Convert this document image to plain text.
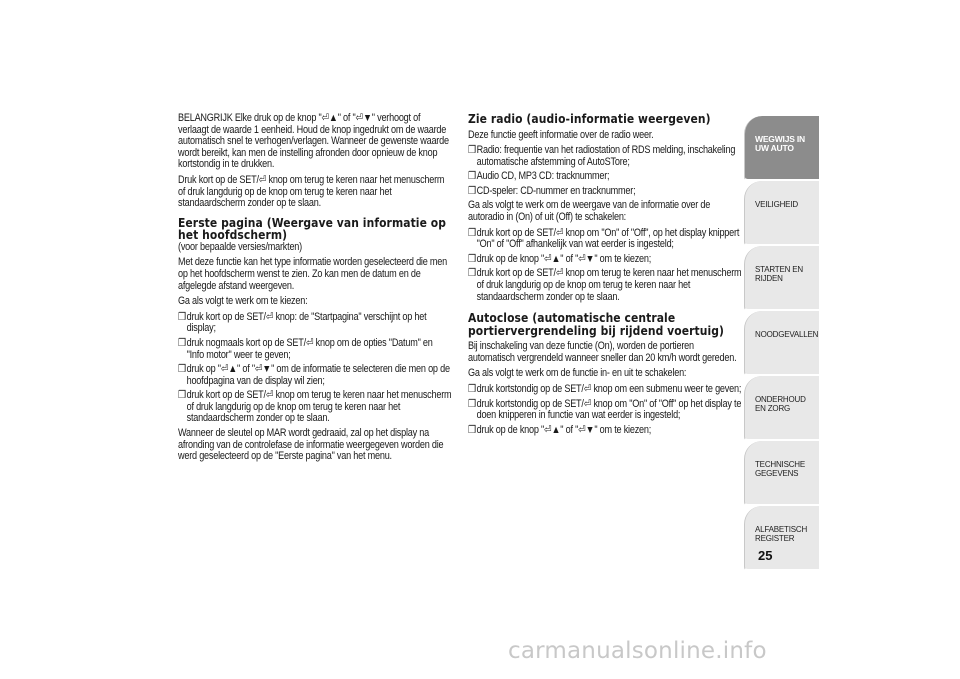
BELANGRIJK Elke druk op de knop "⏎▲" of "⏎▼" verhoogt of verlaagt de waarde 1 eenheid. Houd de knop ingedrukt om de waarde automatisch snel te verhogen/verlagen. Wanneer de gewenste waarde wordt bereikt, kan men de instelling afronden door opnieuw de knop kortstondig in te drukken.

Druk kort op de SET/⏎ knop om terug te keren naar het menuscherm of druk langdurig op de knop om terug te keren naar het standaardscherm zonder op te slaan.

Eerste pagina (Weergave van informatie op het hoofdscherm)

(voor bepaalde versies/markten)

Met deze functie kan het type informatie worden geselecteerd die men op het hoofdscherm wenst te zien. Zo kan men de datum en de afgelegde afstand weergeven.

Ga als volgt te werk om te kiezen:

❒druk kort op de SET/⏎ knop: de "Startpagina" verschijnt op het display;
❒druk nogmaals kort op de SET/⏎ knop om de opties "Datum" en "Info motor" weer te geven;
❒druk op "⏎▲" of "⏎▼" om de informatie te selecteren die men op de hoofdpagina van de display wil zien;
❒druk kort op de SET/⏎ knop om terug te keren naar het menuscherm of druk langdurig op de knop om terug te keren naar het standaardscherm zonder op te slaan.

Wanneer de sleutel op MAR wordt gedraaid, zal op het display na afronding van de controlefase de informatie weergegeven worden die werd geselecteerd op de "Eerste pagina" van het menu.

Zie radio (audio-informatie weergeven)

Deze functie geeft informatie over de radio weer.

❒Radio: frequentie van het radiostation of RDS melding, inschakeling automatische afstemming of AutoSTore;
❒Audio CD, MP3 CD: tracknummer;
❒CD-speler: CD-nummer en tracknummer;

Ga als volgt te werk om de weergave van de informatie over de autoradio in (On) of uit (Off) te schakelen:

❒druk kort op de SET/⏎ knop om "On" of "Off", op het display knippert "On" of "Off" afhankelijk van wat eerder is ingesteld;
❒druk op de knop "⏎▲" of "⏎▼" om te kiezen;
❒druk kort op de SET/⏎ knop om terug te keren naar het menuscherm of druk langdurig op de knop om terug te keren naar het standaardscherm zonder op te slaan.
Autoclose (automatische centrale portiervergrendeling bij rijdend voertuig)

Bij inschakeling van deze functie (On), worden de portieren automatisch vergrendeld wanneer sneller dan 20 km/h wordt gereden.

Ga als volgt te werk om de functie in- en uit te schakelen:

❒druk kortstondig op de SET/⏎ knop om een submenu weer te geven;
❒druk kortstondig op de SET/⏎ knop om "On" of "Off" op het display te doen knipperen in functie van wat eerder is ingesteld;
❒druk op de knop "⏎▲" of "⏎▼" om te kiezen;
WEGWIJS IN UW AUTO
VEILIGHEID
STARTEN EN RIJDEN
NOODGEVALLEN
ONDERHOUD EN ZORG
TECHNISCHE GEGEVENS
ALFABETISCH REGISTER
25
carmanualsonline.info
